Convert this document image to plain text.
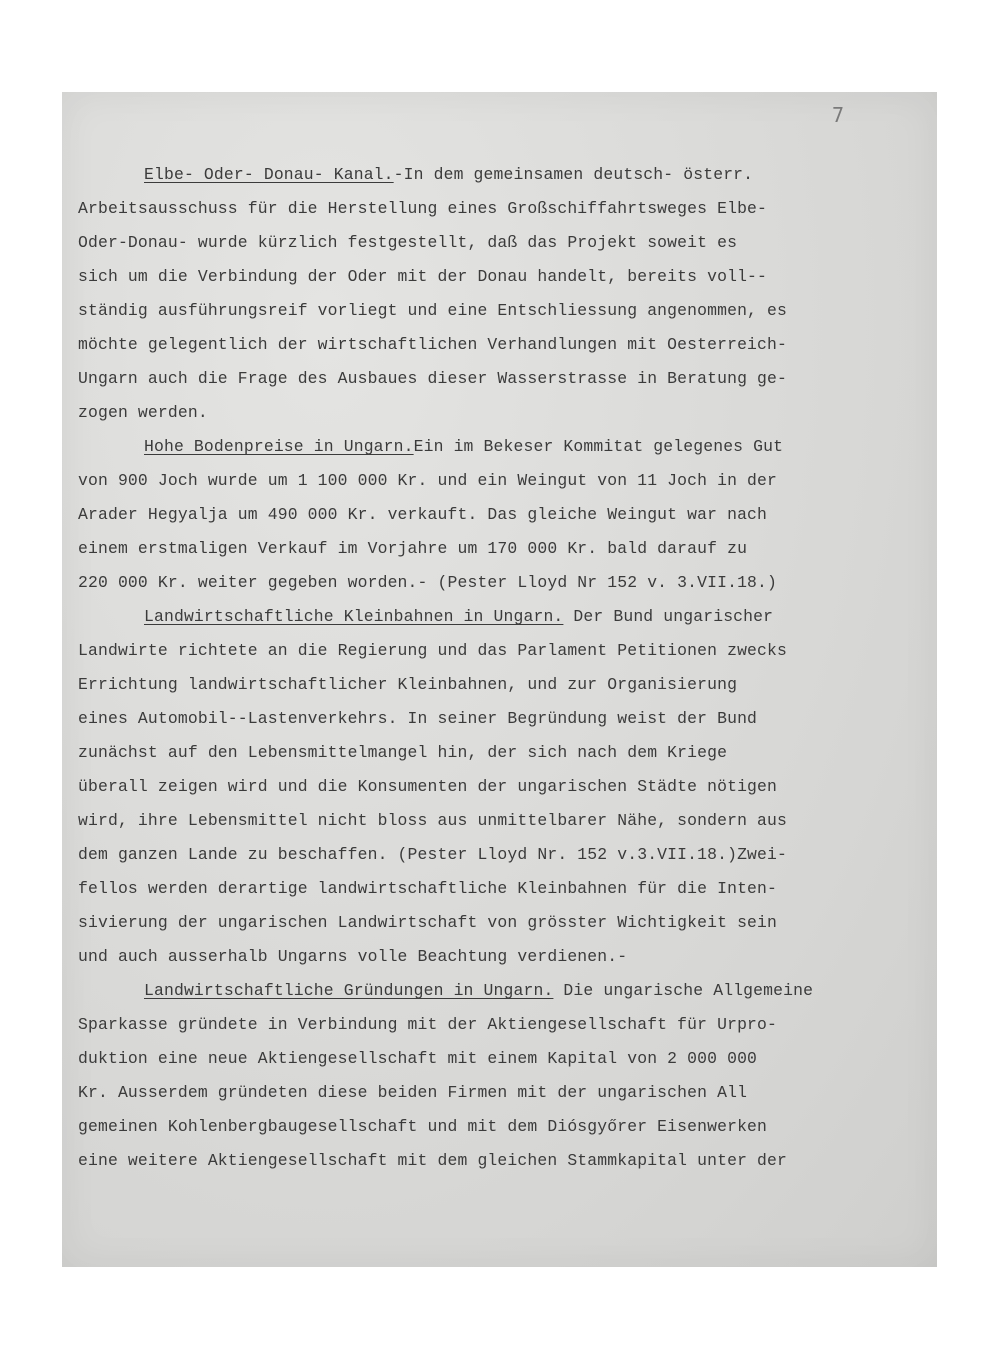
7
Elbe- Oder- Donau- Kanal.-In dem gemeinsamen deutsch- österr.
Arbeitsausschuss für die Herstellung eines Großschiffahrtsweges Elbe-
Oder-Donau- wurde kürzlich festgestellt, daß das Projekt soweit es
sich um die Verbindung der Oder mit der Donau handelt, bereits voll--
ständig ausführungsreif vorliegt und eine Entschliessung angenommen, es
möchte gelegentlich der wirtschaftlichen Verhandlungen mit Oesterreich-
Ungarn auch die Frage des Ausbaues dieser Wasserstrasse in Beratung ge-
zogen werden.
Hohe Bodenpreise in Ungarn.Ein im Bekeser Kommitat gelegenes Gut
von 900 Joch wurde um 1 100 000 Kr. und ein Weingut von 11 Joch in der
Arader Hegyalja um 490 000 Kr. verkauft. Das gleiche Weingut war nach
einem erstmaligen Verkauf im Vorjahre um 170 000 Kr. bald darauf zu
220 000 Kr. weiter gegeben worden.- (Pester Lloyd Nr 152 v. 3.VII.18.)
Landwirtschaftliche Kleinbahnen in Ungarn. Der Bund ungarischer
Landwirte richtete an die Regierung und das Parlament Petitionen zwecks
Errichtung landwirtschaftlicher Kleinbahnen, und zur Organisierung
eines Automobil--Lastenverkehrs. In seiner Begründung weist der Bund
zunächst auf den Lebensmittelmangel hin, der sich nach dem Kriege
überall zeigen wird und die Konsumenten der ungarischen Städte nötigen
wird, ihre Lebensmittel nicht bloss aus unmittelbarer Nähe, sondern aus
dem ganzen Lande zu beschaffen. (Pester Lloyd Nr. 152 v.3.VII.18.)Zwei-
fellos werden derartige landwirtschaftliche Kleinbahnen für die Inten-
sivierung der ungarischen Landwirtschaft von grösster Wichtigkeit sein
und auch ausserhalb Ungarns volle Beachtung verdienen.-
Landwirtschaftliche Gründungen in Ungarn. Die ungarische Allgemeine
Sparkasse gründete in Verbindung mit der Aktiengesellschaft für Urpro-
duktion eine neue Aktiengesellschaft mit einem Kapital von 2 000 000
Kr. Ausserdem gründeten diese beiden Firmen mit der ungarischen All
gemeinen Kohlenbergbaugesellschaft und mit dem Diósgyőrer Eisenwerken
eine weitere Aktiengesellschaft mit dem gleichen Stammkapital unter der
